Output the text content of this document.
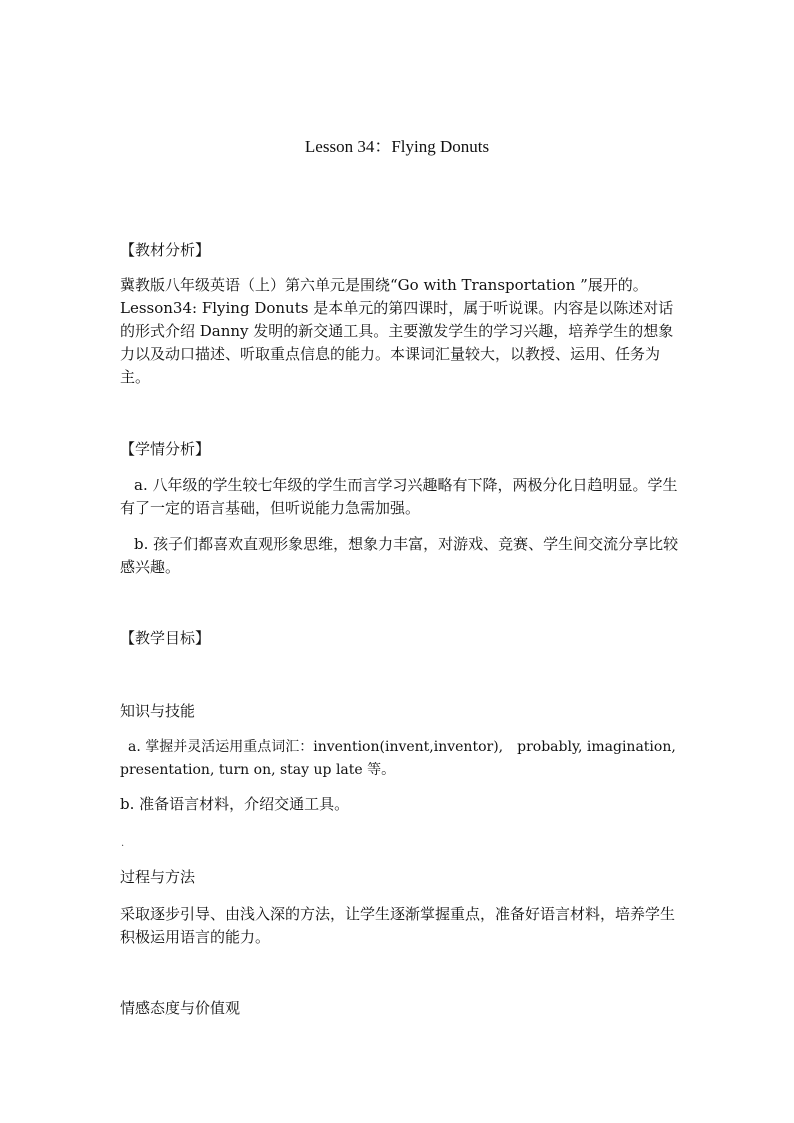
Lesson 34：Flying Donuts
【教材分析】
冀教版八年级英语（上）第六单元是围绕“Go with Transportation ”展开的。Lesson34: Flying Donuts 是本单元的第四课时，属于听说课。内容是以陈述对话的形式介绍 Danny 发明的新交通工具。主要激发学生的学习兴趣，培养学生的想象力以及动口描述、听取重点信息的能力。本课词汇量较大，以教授、运用、任务为主。
【学情分析】
a. 八年级的学生较七年级的学生而言学习兴趣略有下降，两极分化日趋明显。学生有了一定的语言基础，但听说能力急需加强。
b. 孩子们都喜欢直观形象思维，想象力丰富，对游戏、竞赛、学生间交流分享比较感兴趣。
【教学目标】
知识与技能
a. 掌握并灵活运用重点词汇：invention(invent,inventor),　probably, imagination, presentation, turn on, stay up late 等。
b. 准备语言材料，介绍交通工具。
.
过程与方法
采取逐步引导、由浅入深的方法，让学生逐渐掌握重点，准备好语言材料，培养学生积极运用语言的能力。
情感态度与价值观
